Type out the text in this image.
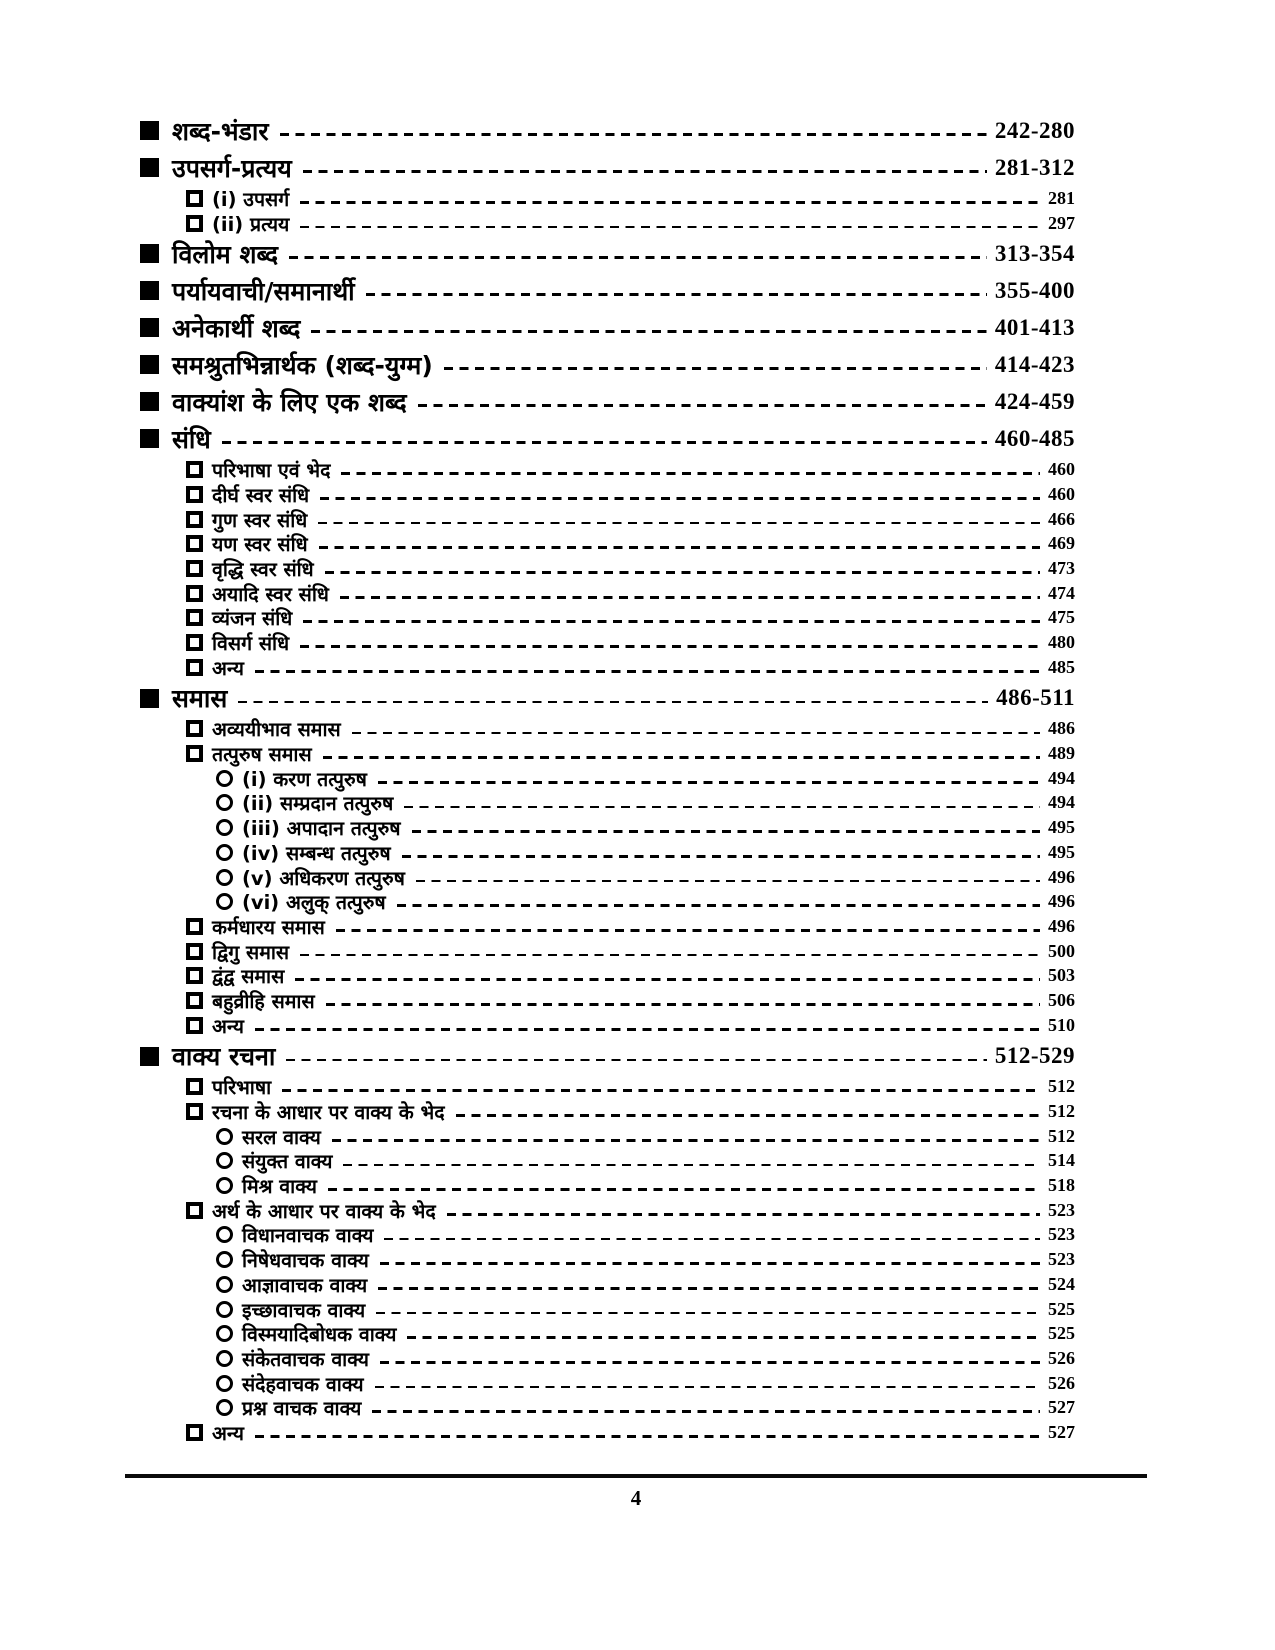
शब्द-भंडार	242-280
उपसर्ग-प्रत्यय	281-312
(i) उपसर्ग	281
(ii) प्रत्यय	297
विलोम शब्द	313-354
पर्यायवाची/समानार्थी	355-400
अनेकार्थी शब्द	401-413
समश्रुतभिन्नार्थक (शब्द-युग्म)	414-423
वाक्यांश के लिए एक शब्द	424-459
संधि	460-485
परिभाषा एवं भेद	460
दीर्घ स्वर संधि	460
गुण स्वर संधि	466
यण स्वर संधि	469
वृद्धि स्वर संधि	473
अयादि स्वर संधि	474
व्यंजन संधि	475
विसर्ग संधि	480
अन्य	485
समास	486-511
अव्ययीभाव समास	486
तत्पुरुष समास	489
(i) करण तत्पुरुष	494
(ii) सम्प्रदान तत्पुरुष	494
(iii) अपादान तत्पुरुष	495
(iv) सम्बन्ध तत्पुरुष	495
(v) अधिकरण तत्पुरुष	496
(vi) अलुक् तत्पुरुष	496
कर्मधारय समास	496
द्विगु समास	500
द्वंद्व समास	503
बहुव्रीहि समास	506
अन्य	510
वाक्य रचना	512-529
परिभाषा	512
रचना के आधार पर वाक्य के भेद	512
सरल वाक्य	512
संयुक्त वाक्य	514
मिश्र वाक्य	518
अर्थ के आधार पर वाक्य के भेद	523
विधानवाचक वाक्य	523
निषेधवाचक वाक्य	523
आज्ञावाचक वाक्य	524
इच्छावाचक वाक्य	525
विस्मयादिबोधक वाक्य	525
संकेतवाचक वाक्य	526
संदेहवाचक वाक्य	526
प्रश्न वाचक वाक्य	527
अन्य	527
4
